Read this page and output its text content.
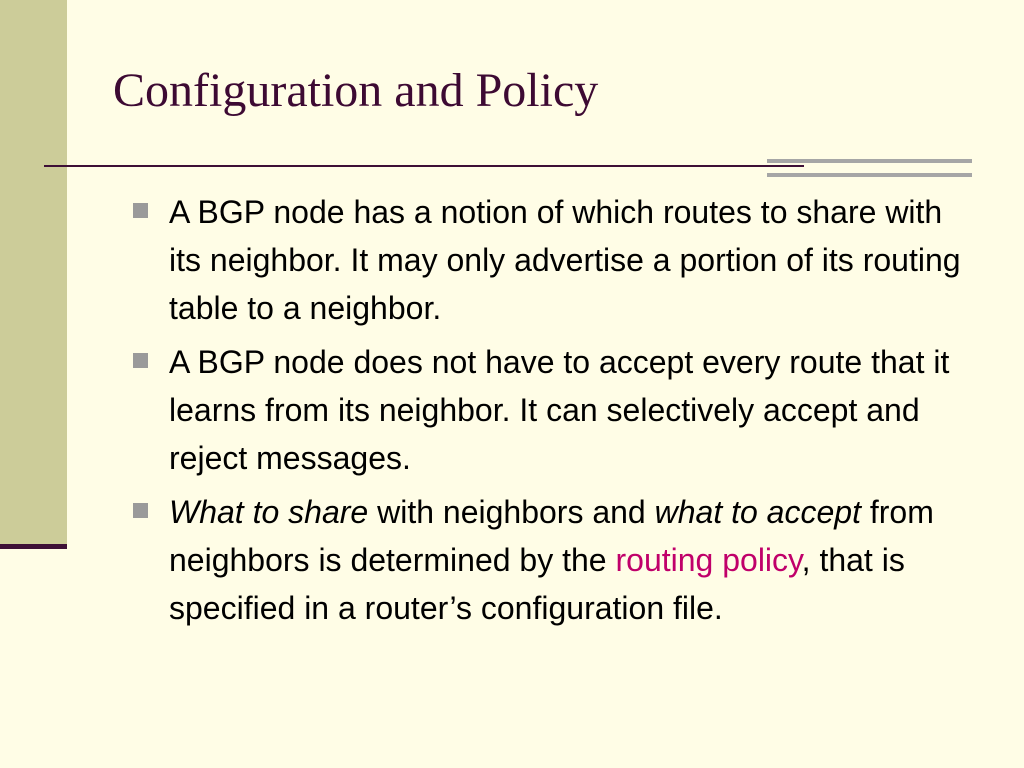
Configuration and Policy
A BGP node has a notion of which routes to share with its neighbor. It may only advertise a portion of its routing table to a neighbor.
A BGP node does not have to accept every route that it learns from its neighbor. It can selectively accept and reject messages.
What to share with neighbors and what to accept from neighbors is determined by the routing policy, that is specified in a router’s configuration file.
